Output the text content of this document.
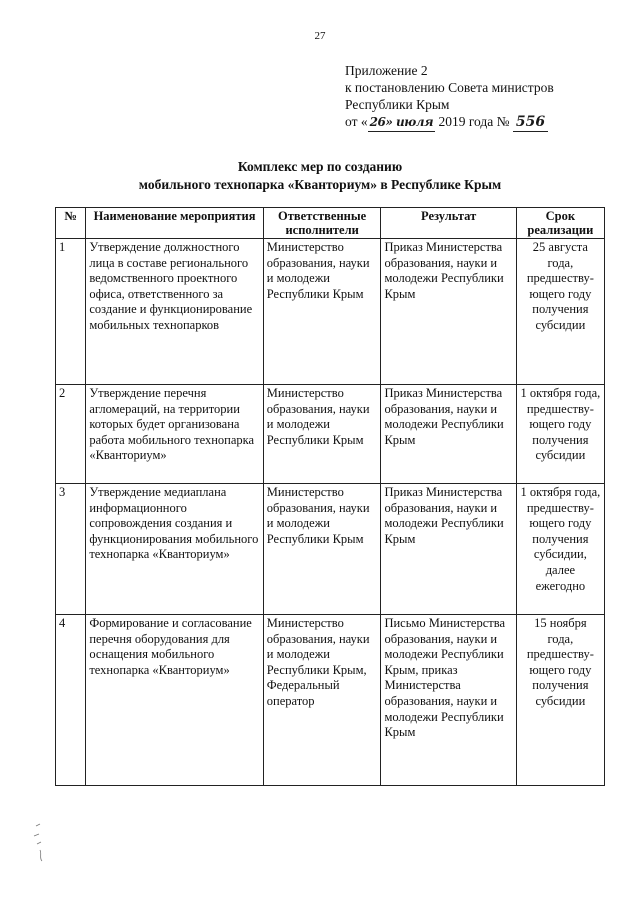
27
Приложение 2
к постановлению Совета министров
Республики Крым
от « 26» июля 2019 года № 556
Комплекс мер по созданию
мобильного технопарка «Кванториум» в Республике Крым
№	Наименование мероприятия	Ответственные исполнители	Результат	Срок реализации
1	Утверждение должностного лица в составе регионального ведомственного проектного офиса, ответственного за создание и функционирование мобильных технопарков	Министерство образования, науки и молодежи Республики Крым	Приказ Министерства образования, науки и молодежи Республики Крым	25 августа года, предшеству-ющего году получения субсидии
2	Утверждение перечня агломераций, на территории которых будет организована работа мобильного технопарка «Кванториум»	Министерство образования, науки и молодежи Республики Крым	Приказ Министерства образования, науки и молодежи Республики Крым	1 октября года, предшеству-ющего году получения субсидии
3	Утверждение медиаплана информационного сопровождения создания и функционирования мобильного технопарка «Кванториум»	Министерство образования, науки и молодежи Республики Крым	Приказ Министерства образования, науки и молодежи Республики Крым	1 октября года, предшеству-ющего году получения субсидии, далее ежегодно
4	Формирование и согласование перечня оборудования для оснащения мобильного технопарка «Кванториум»	Министерство образования, науки и молодежи Республики Крым, Федеральный оператор	Письмо Министерства образования, науки и молодежи Республики Крым, приказ Министерства образования, науки и молодежи Республики Крым	15 ноября года, предшеству-ющего году получения субсидии
